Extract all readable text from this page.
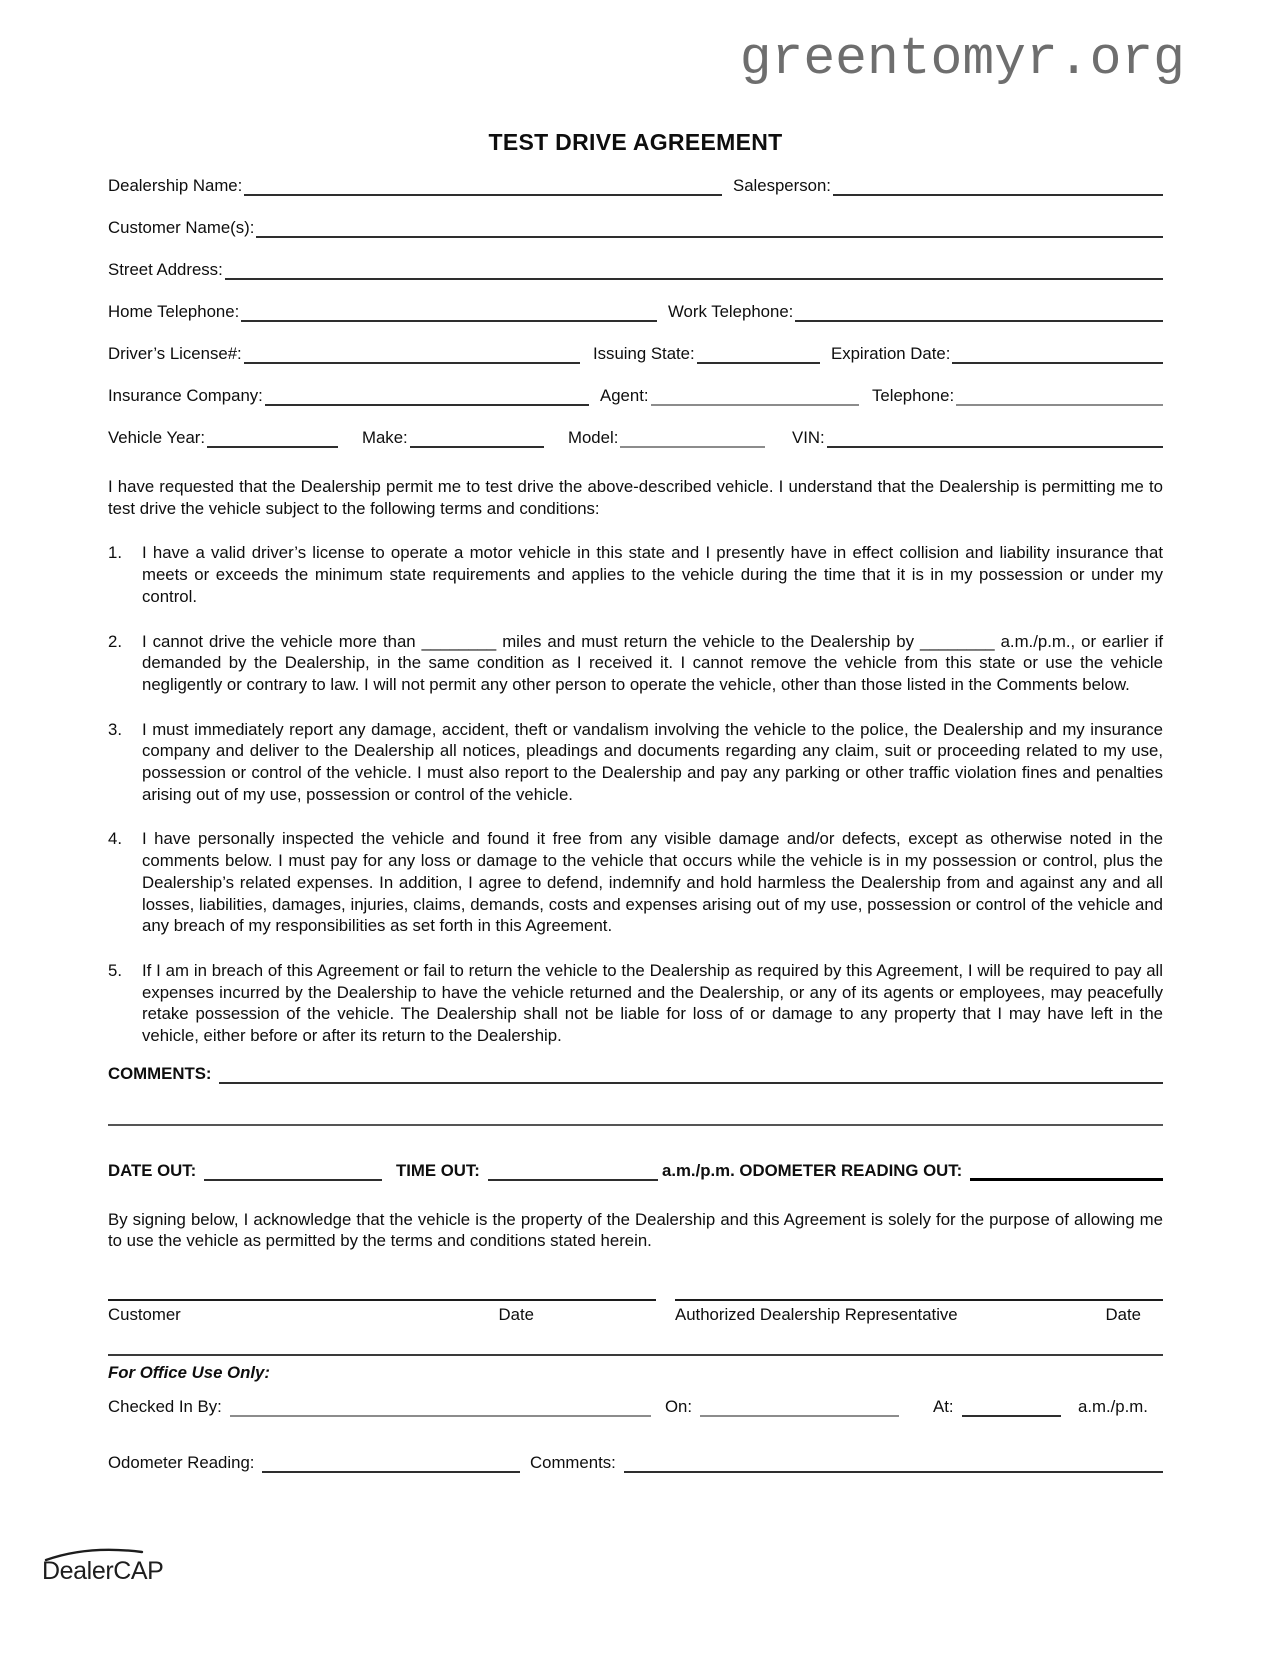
greentomyr.org
TEST DRIVE AGREEMENT
Dealership Name:	Salesperson:
Customer Name(s):
Street Address:
Home Telephone:	Work Telephone:
Driver’s License#:	Issuing State:	Expiration Date:
Insurance Company:	Agent:	Telephone:
Vehicle Year:	Make:	Model:	VIN:

I have requested that the Dealership permit me to test drive the above-described vehicle. I understand that the Dealership is permitting me to test drive the vehicle subject to the following terms and conditions:

1.	I have a valid driver’s license to operate a motor vehicle in this state and I presently have in effect collision and liability insurance that meets or exceeds the minimum state requirements and applies to the vehicle during the time that it is in my possession or under my control.
2.	I cannot drive the vehicle more than ________ miles and must return the vehicle to the Dealership by ________ a.m./p.m., or earlier if demanded by the Dealership, in the same condition as I received it. I cannot remove the vehicle from this state or use the vehicle negligently or contrary to law. I will not permit any other person to operate the vehicle, other than those listed in the Comments below.
3.	I must immediately report any damage, accident, theft or vandalism involving the vehicle to the police, the Dealership and my insurance company and deliver to the Dealership all notices, pleadings and documents regarding any claim, suit or proceeding related to my use, possession or control of the vehicle. I must also report to the Dealership and pay any parking or other traffic violation fines and penalties arising out of my use, possession or control of the vehicle.
4.	I have personally inspected the vehicle and found it free from any visible damage and/or defects, except as otherwise noted in the comments below. I must pay for any loss or damage to the vehicle that occurs while the vehicle is in my possession or control, plus the Dealership’s related expenses. In addition, I agree to defend, indemnify and hold harmless the Dealership from and against any and all losses, liabilities, damages, injuries, claims, demands, costs and expenses arising out of my use, possession or control of the vehicle and any breach of my responsibilities as set forth in this Agreement.
5.	If I am in breach of this Agreement or fail to return the vehicle to the Dealership as required by this Agreement, I will be required to pay all expenses incurred by the Dealership to have the vehicle returned and the Dealership, or any of its agents or employees, may peacefully retake possession of the vehicle. The Dealership shall not be liable for loss of or damage to any property that I may have left in the vehicle, either before or after its return to the Dealership.
COMMENTS:
DATE OUT:	TIME OUT:	a.m./p.m. ODOMETER READING OUT:

By signing below, I acknowledge that the vehicle is the property of the Dealership and this Agreement is solely for the purpose of allowing me to use the vehicle as permitted by the terms and conditions stated herein.

Customer	Date	Authorized Dealership Representative	Date
For Office Use Only:
Checked In By:	On:	At:	a.m./p.m.
Odometer Reading:	Comments:
DealerCAP
